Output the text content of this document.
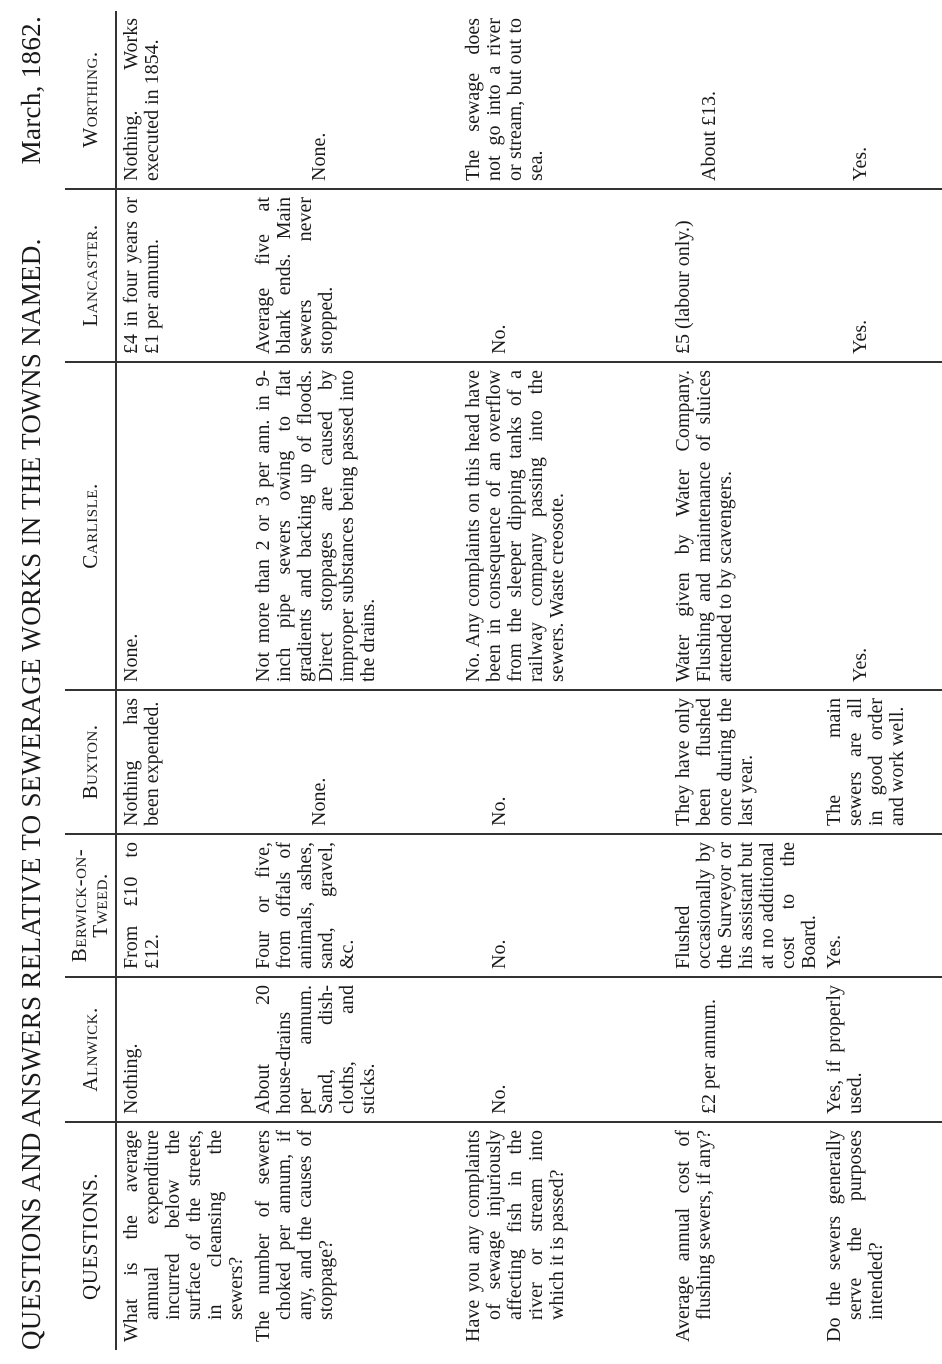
QUESTIONS AND ANSWERS RELATIVE TO SEWERAGE WORKS IN THE TOWNS NAMED.
March, 1862.
QUESTIONS.	Alnwick.	Berwick-on-Tweed.	Buxton.	Carlisle.	Lancaster.	Worthing.
What is the average annual expenditure incurred below the surface of the streets, in cleansing the sewers?	Nothing.	From £10 to £12.	Nothing has been expended.	None.	£4 in four years or £1 per annum.	Nothing. Works executed in 1854.
The number of sewers choked per annum, if any, and the causes of stoppage?	About 20 house-drains per annum. Sand, dish-cloths, and sticks.	Four or five, from offals of animals, ashes, sand, gravel, &c.	None.	Not more than 2 or 3 per ann. in 9-inch pipe sewers owing to flat gradients and backing up of floods. Direct stoppages are caused by improper substances being passed into the drains.	Average five at blank ends. Main sewers never stopped.	None.
Have you any complaints of sewage injuriously affecting fish in the river or stream into which it is passed?	No.	No.	No.	No. Any complaints on this head have been in consequence of an overflow from the sleeper dipping tanks of a railway company passing into the sewers. Waste creosote.	No.	The sewage does not go into a river or stream, but out to sea.
Average annual cost of flushing sewers, if any?	£2 per annum.	Flushed occasionally by the Surveyor or his assistant but at no additional cost to the Board.	They have only been flushed once during the last year.	Water given by Water Company. Flushing and maintenance of sluices attended to by scavengers.	£5 (labour only.)	About £13.
Do the sewers generally serve the purposes intended?	Yes, if properly used.	Yes.	The main sewers are all in good order and work well.	Yes.	Yes.	Yes.
